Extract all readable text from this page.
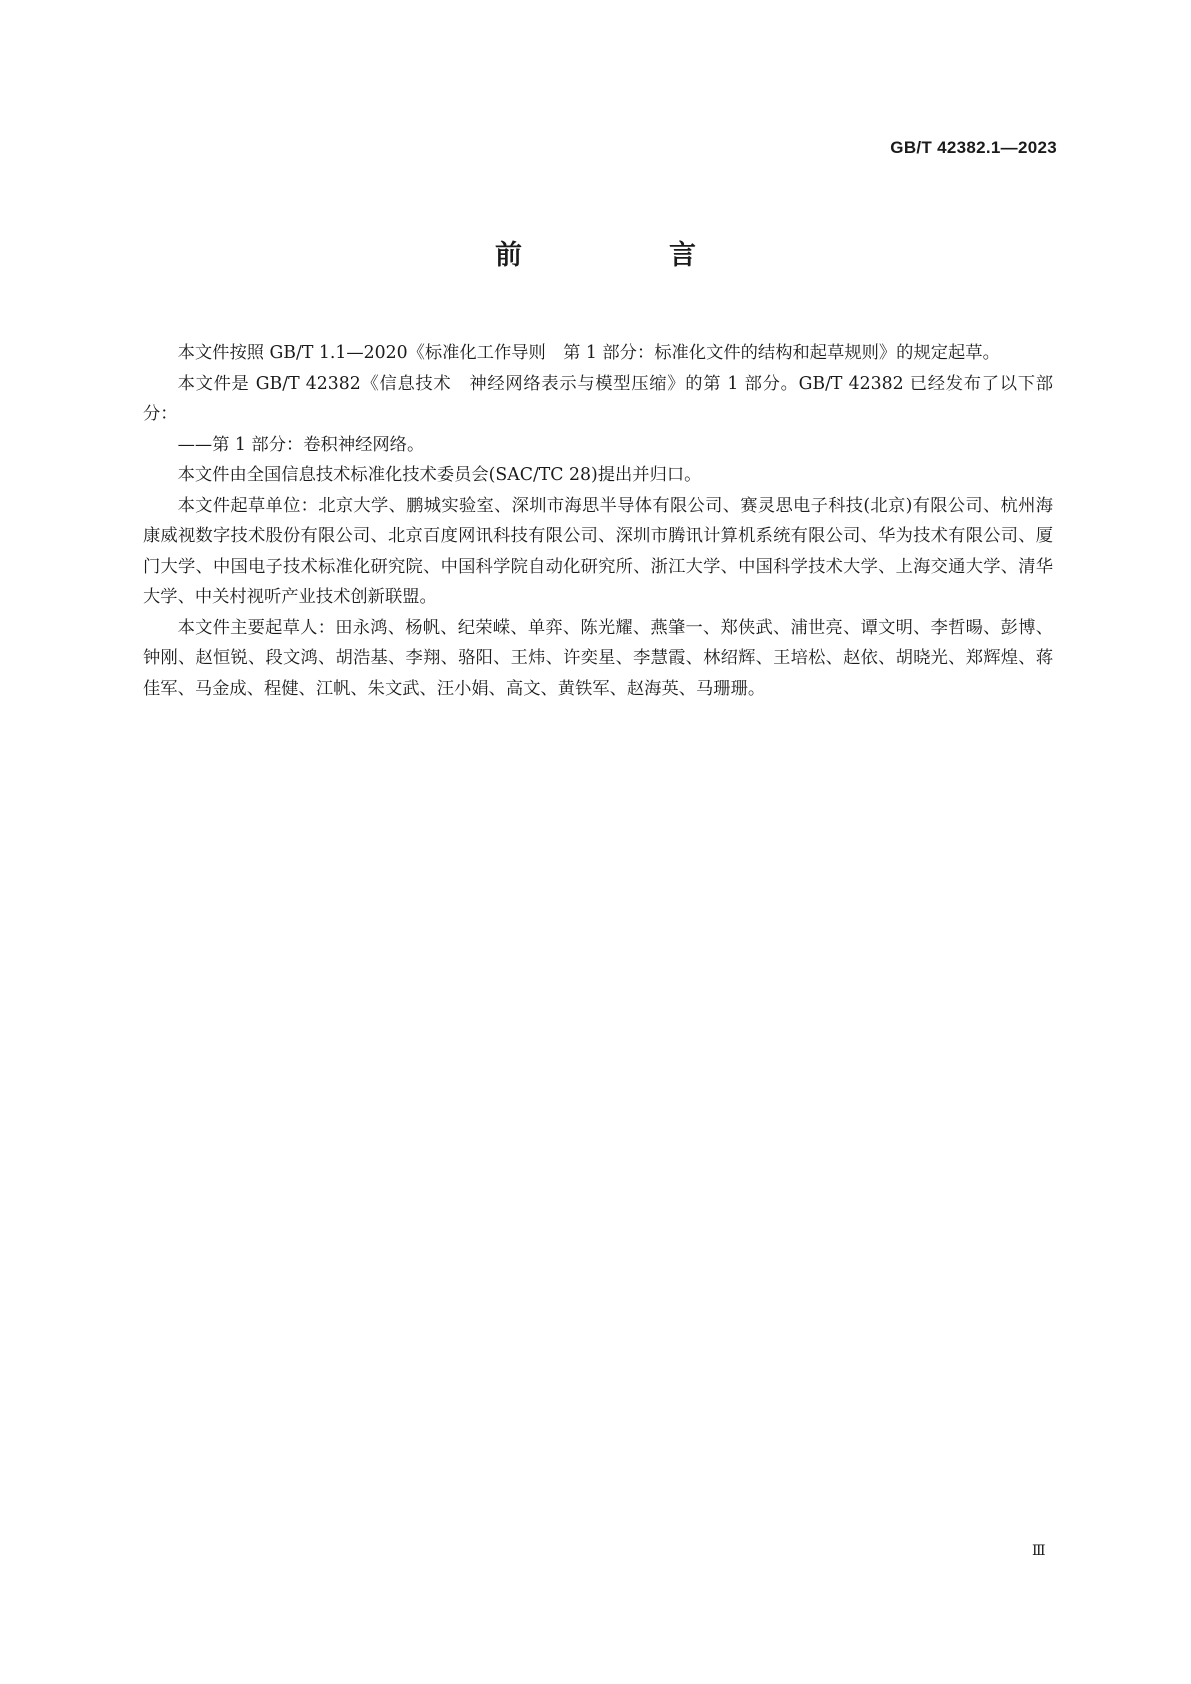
GB/T 42382.1—2023
前　言

本文件按照 GB/T 1.1—2020《标准化工作导则　第 1 部分：标准化文件的结构和起草规则》的规定起草。

本文件是 GB/T 42382《信息技术　神经网络表示与模型压缩》的第 1 部分。GB/T 42382 已经发布了以下部分：

——第 1 部分：卷积神经网络。

本文件由全国信息技术标准化技术委员会(SAC/TC 28)提出并归口。

本文件起草单位：北京大学、鹏城实验室、深圳市海思半导体有限公司、赛灵思电子科技(北京)有限公司、杭州海康威视数字技术股份有限公司、北京百度网讯科技有限公司、深圳市腾讯计算机系统有限公司、华为技术有限公司、厦门大学、中国电子技术标准化研究院、中国科学院自动化研究所、浙江大学、中国科学技术大学、上海交通大学、清华大学、中关村视听产业技术创新联盟。

本文件主要起草人：田永鸿、杨帆、纪荣嵘、单弈、陈光耀、燕肇一、郑侠武、浦世亮、谭文明、李哲暘、彭博、钟刚、赵恒锐、段文鸿、胡浩基、李翔、骆阳、王炜、许奕星、李慧霞、林绍辉、王培松、赵依、胡晓光、郑辉煌、蒋佳军、马金成、程健、江帆、朱文武、汪小娟、高文、黄铁军、赵海英、马珊珊。

Ⅲ
